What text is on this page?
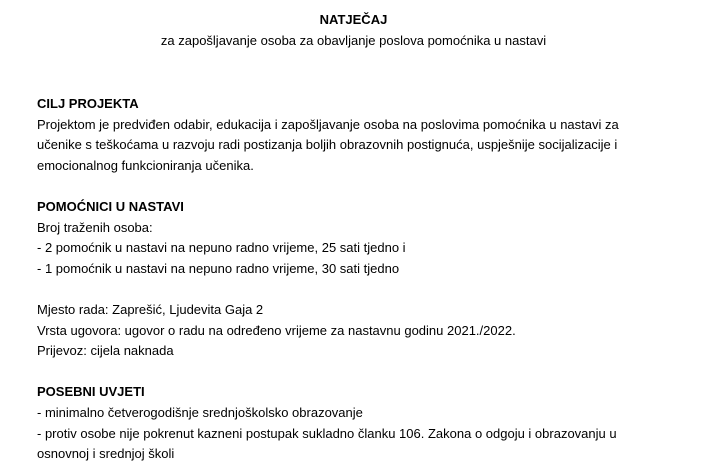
NATJEČAJ
za zapošljavanje osoba za obavljanje poslova pomoćnika u nastavi
CILJ PROJEKTA
Projektom je predviđen odabir, edukacija i zapošljavanje osoba na poslovima pomoćnika u nastavi za
učenike s teškoćama u razvoju radi postizanja boljih obrazovnih postignuća, uspješnije socijalizacije i
emocionalnog funkcioniranja učenika.
POMOĆNICI U NASTAVI
Broj traženih osoba:
- 2 pomoćnik u nastavi na nepuno radno vrijeme, 25 sati tjedno i
- 1 pomoćnik u nastavi na nepuno radno vrijeme, 30 sati tjedno
Mjesto rada: Zaprešić, Ljudevita Gaja 2
Vrsta ugovora: ugovor o radu na određeno vrijeme za nastavnu godinu 2021./2022.
Prijevoz: cijela naknada
POSEBNI UVJETI
- minimalno četverogodišnje srednjoškolsko obrazovanje
- protiv osobe nije pokrenut kazneni postupak sukladno članku 106. Zakona o odgoju i obrazovanju u
osnovnoj i srednjoj školi
